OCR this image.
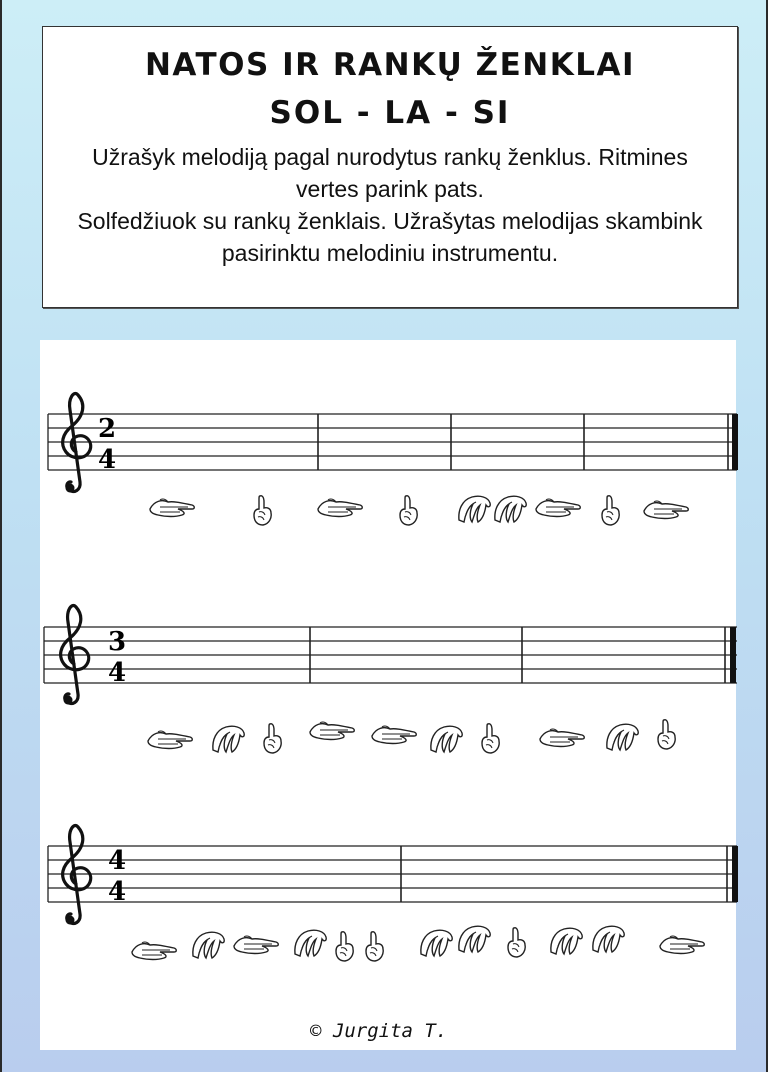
NATOS IR RANKŲ ŽENKLAI
SOL - LA - SI
Užrašyk melodiją pagal nurodytus rankų ženklus. Ritmines
vertes parink pats.
Solfedžiuok su rankų ženklais. Užrašytas melodijas skambink
pasirinktu melodiniu instrumentu.
2
4
3
4
4
4
© Jurgita T.
